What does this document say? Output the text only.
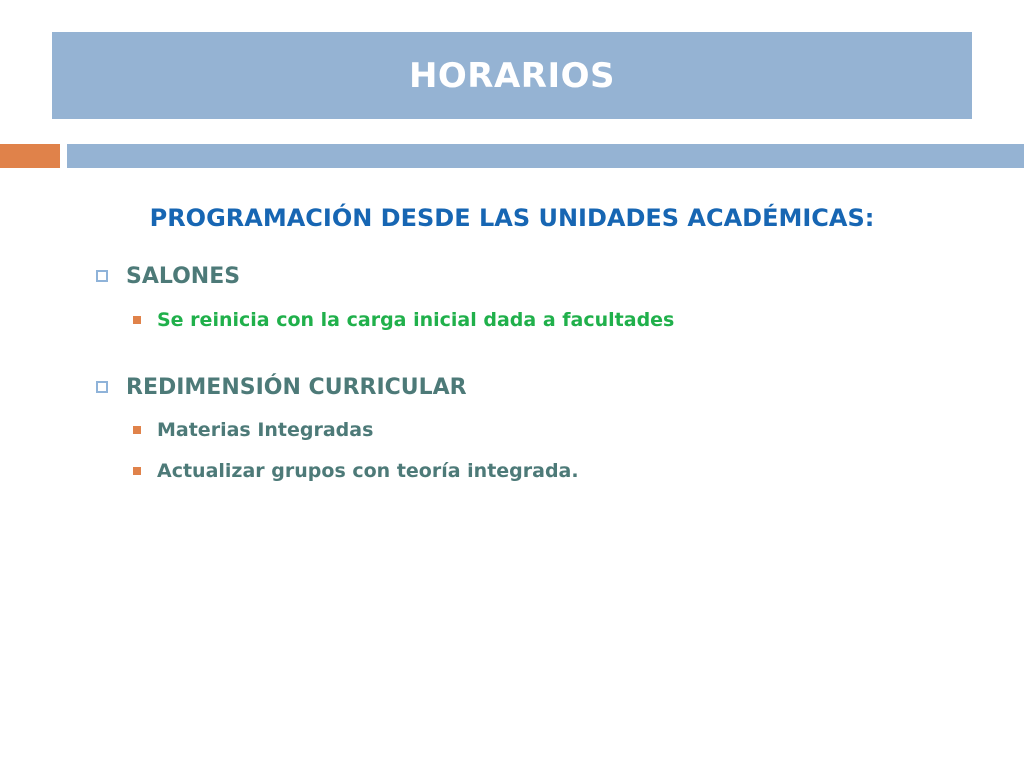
HORARIOS
PROGRAMACIÓN DESDE LAS UNIDADES ACADÉMICAS:
SALONES
Se reinicia con la carga inicial dada a facultades
REDIMENSIÓN CURRICULAR
Materias Integradas
Actualizar grupos con teoría integrada.
